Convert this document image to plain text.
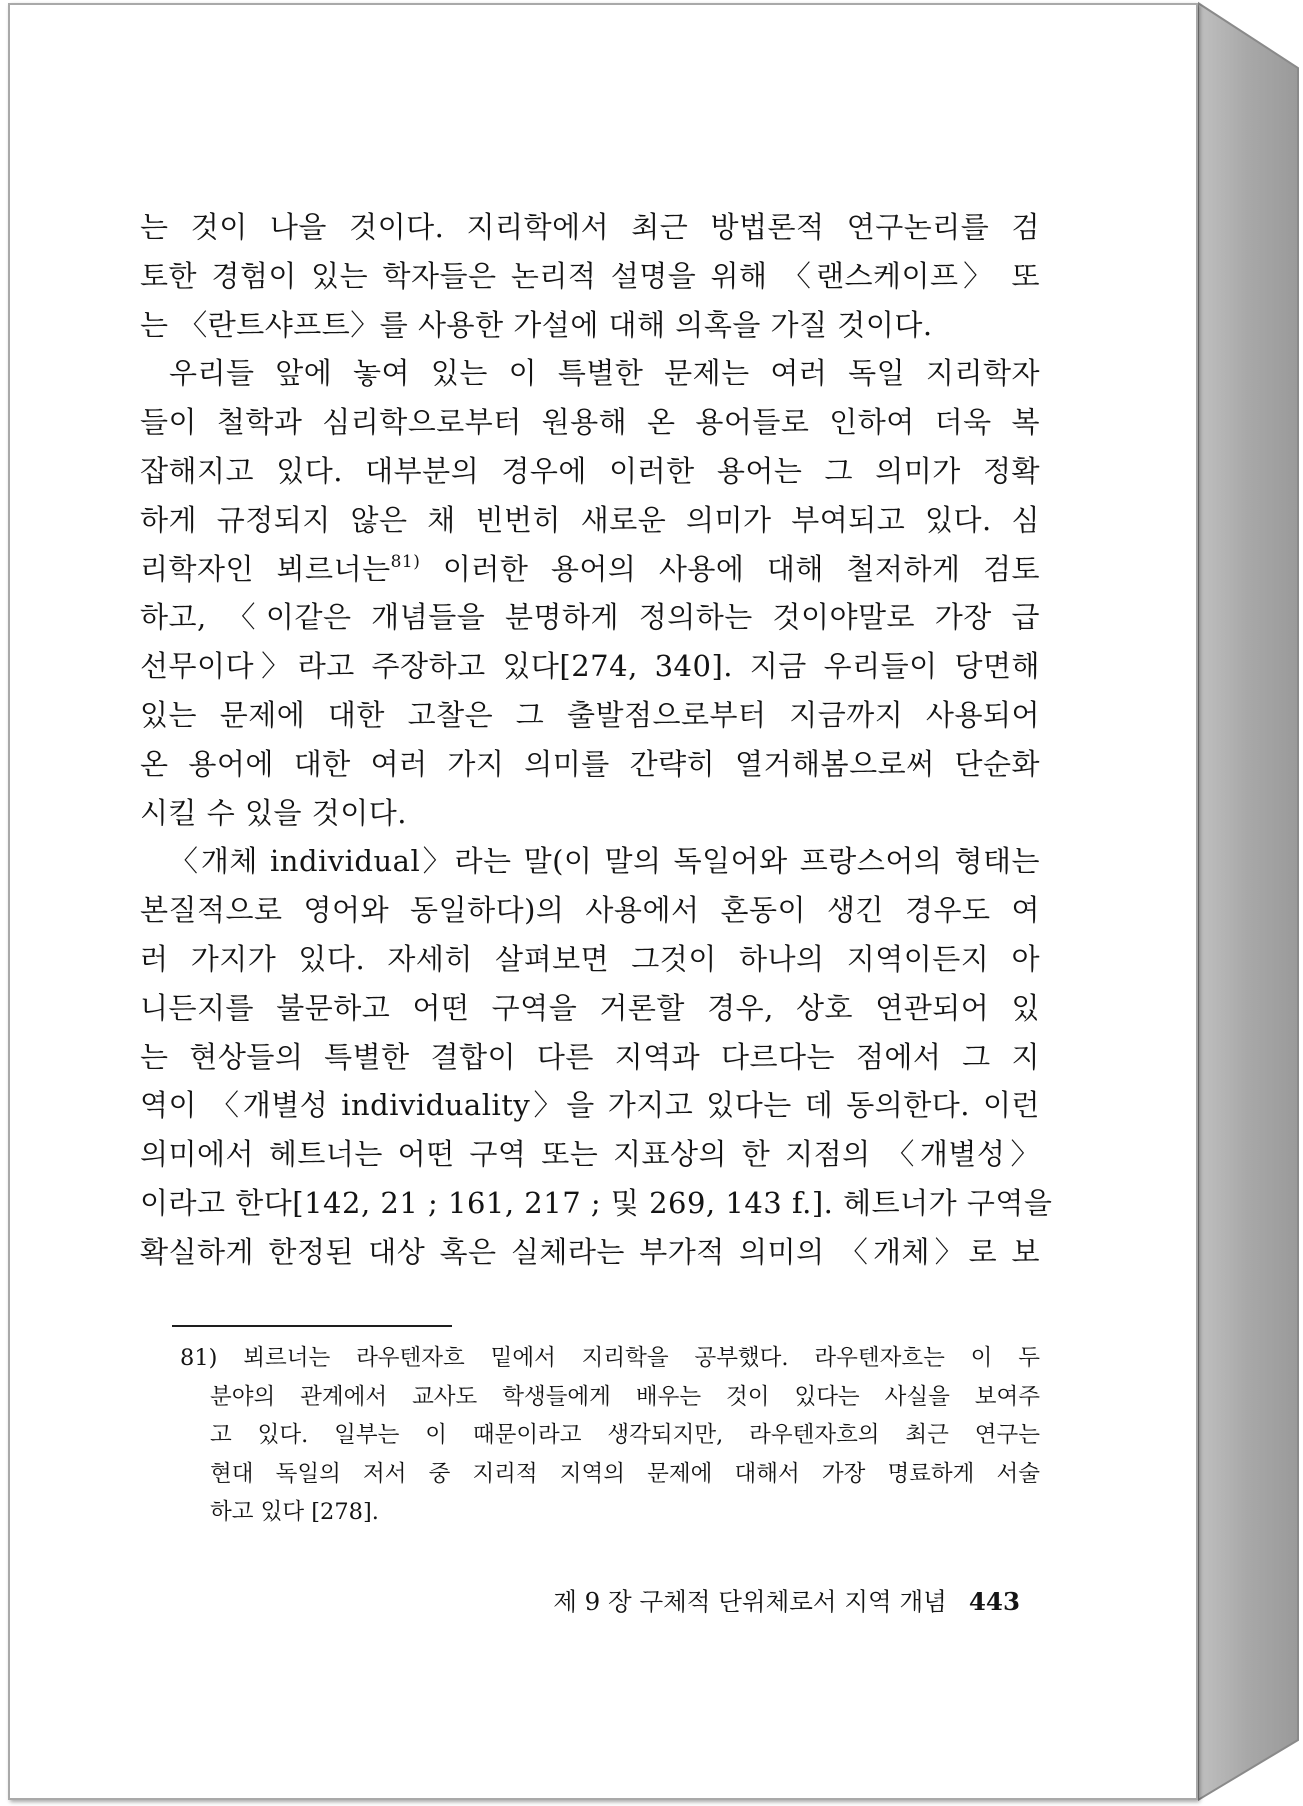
는 것이 나을 것이다. 지리학에서 최근 방법론적 연구논리를 검
토한 경험이 있는 학자들은 논리적 설명을 위해 〈랜스케이프〉 또
는 〈란트샤프트〉를 사용한 가설에 대해 의혹을 가질 것이다.
우리들 앞에 놓여 있는 이 특별한 문제는 여러 독일 지리학자
들이 철학과 심리학으로부터 원용해 온 용어들로 인하여 더욱 복
잡해지고 있다. 대부분의 경우에 이러한 용어는 그 의미가 정확
하게 규정되지 않은 채 빈번히 새로운 의미가 부여되고 있다. 심
리학자인 뵈르너는$^{81)}$ 이러한 용어의 사용에 대해 철저하게 검토
하고, 〈이같은 개념들을 분명하게 정의하는 것이야말로 가장 급
선무이다〉라고 주장하고 있다[274, 340]. 지금 우리들이 당면해
있는 문제에 대한 고찰은 그 출발점으로부터 지금까지 사용되어
온 용어에 대한 여러 가지 의미를 간략히 열거해봄으로써 단순화
시킬 수 있을 것이다.
〈개체 individual〉라는 말(이 말의 독일어와 프랑스어의 형태는
본질적으로 영어와 동일하다)의 사용에서 혼동이 생긴 경우도 여
러 가지가 있다. 자세히 살펴보면 그것이 하나의 지역이든지 아
니든지를 불문하고 어떤 구역을 거론할 경우, 상호 연관되어 있
는 현상들의 특별한 결합이 다른 지역과 다르다는 점에서 그 지
역이 〈개별성 individuality〉을 가지고 있다는 데 동의한다. 이런
의미에서 헤트너는 어떤 구역 또는 지표상의 한 지점의 〈개별성〉
이라고 한다[142, 21 ; 161, 217 ; 및 269, 143 f.]. 헤트너가 구역을
확실하게 한정된 대상 혹은 실체라는 부가적 의미의 〈개체〉로 보
81) 뵈르너는 라우텐자흐 밑에서 지리학을 공부했다. 라우텐자흐는 이 두
분야의 관계에서 교사도 학생들에게 배우는 것이 있다는 사실을 보여주
고 있다. 일부는 이 때문이라고 생각되지만, 라우텐자흐의 최근 연구는
현대 독일의 저서 중 지리적 지역의 문제에 대해서 가장 명료하게 서술
하고 있다 [278].
제 9 장 구체적 단위체로서 지역 개념 443
